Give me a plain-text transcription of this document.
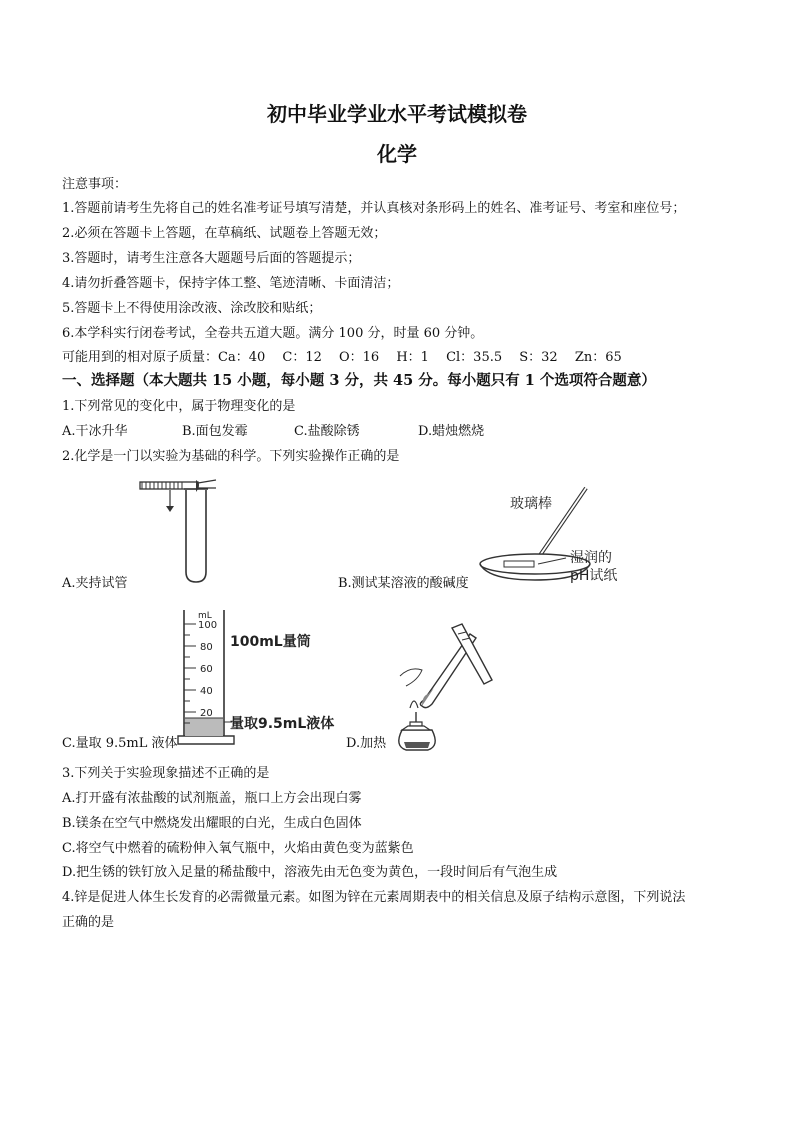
初中毕业学业水平考试模拟卷
化学
注意事项：
1.答题前请考生先将自己的姓名准考证号填写清楚，并认真核对条形码上的姓名、准考证号、考室和座位号；
2.必须在答题卡上答题，在草稿纸、试题卷上答题无效；
3.答题时，请考生注意各大题题号后面的答题提示；
4.请勿折叠答题卡，保持字体工整、笔迹清晰、卡面清洁；
5.答题卡上不得使用涂改液、涂改胶和贴纸；
6.本学科实行闭卷考试，全卷共五道大题。满分 100 分，时量 60 分钟。
可能用到的相对原子质量：Ca：40　 C：12　 O：16　 H：1　 Cl：35.5　 S：32　 Zn：65
一、选择题（本大题共 15 小题，每小题 3 分，共 45 分。每小题只有 1 个选项符合题意）
1.下列常见的变化中，属于物理变化的是
A.干冰升华	B.面包发霉	C.盐酸除锈	D.蜡烛燃烧
2.化学是一门以实验为基础的科学。下列实验操作正确的是
A.夹持试管
玻璃棒
湿润的
pH试纸
B.测试某溶液的酸碱度
mL
100
80
60
40
20
100mL量筒
量取9.5mL液体
C.量取 9.5mL 液体	D.加热
3.下列关于实验现象描述不正确的是
A.打开盛有浓盐酸的试剂瓶盖，瓶口上方会出现白雾
B.镁条在空气中燃烧发出耀眼的白光，生成白色固体
C.将空气中燃着的硫粉伸入氧气瓶中，火焰由黄色变为蓝紫色
D.把生锈的铁钉放入足量的稀盐酸中，溶液先由无色变为黄色，一段时间后有气泡生成
4.锌是促进人体生长发育的必需微量元素。如图为锌在元素周期表中的相关信息及原子结构示意图，下列说法
正确的是
